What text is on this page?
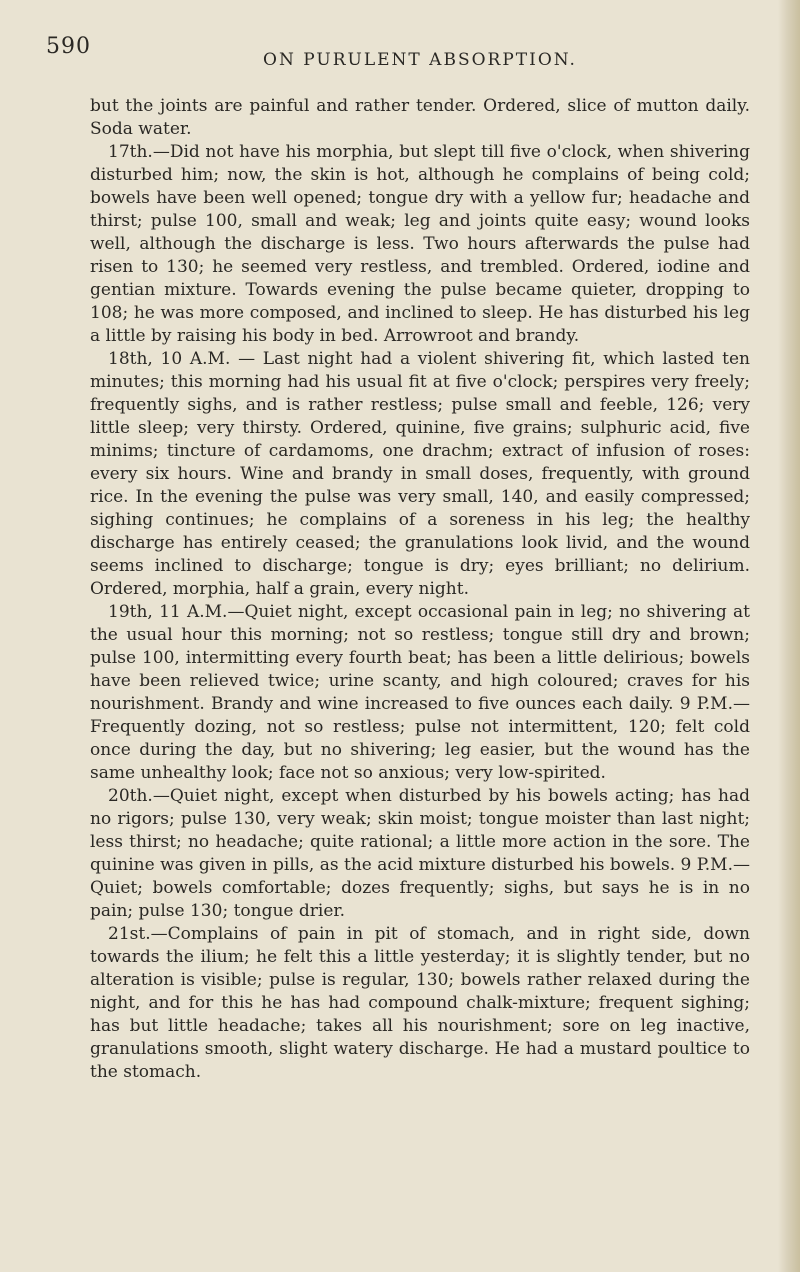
590
ON PURULENT ABSORPTION.

but the joints are painful and rather tender. Ordered, slice of mutton daily. Soda water.

17th.—Did not have his morphia, but slept till five o'clock, when shivering disturbed him; now, the skin is hot, although he complains of being cold; bowels have been well opened; tongue dry with a yellow fur; headache and thirst; pulse 100, small and weak; leg and joints quite easy; wound looks well, although the discharge is less. Two hours afterwards the pulse had risen to 130; he seemed very restless, and trembled. Ordered, iodine and gentian mixture. Towards evening the pulse became quieter, dropping to 108; he was more composed, and inclined to sleep. He has disturbed his leg a little by raising his body in bed. Arrowroot and brandy.

18th, 10 A.M. — Last night had a violent shivering fit, which lasted ten minutes; this morning had his usual fit at five o'clock; perspires very freely; frequently sighs, and is rather restless; pulse small and feeble, 126; very little sleep; very thirsty. Ordered, quinine, five grains; sulphuric acid, five minims; tincture of cardamoms, one drachm; extract of infusion of roses: every six hours. Wine and brandy in small doses, frequently, with ground rice. In the evening the pulse was very small, 140, and easily compressed; sighing continues; he complains of a soreness in his leg; the healthy discharge has entirely ceased; the granulations look livid, and the wound seems inclined to discharge; tongue is dry; eyes brilliant; no delirium. Ordered, morphia, half a grain, every night.

19th, 11 A.M.—Quiet night, except occasional pain in leg; no shivering at the usual hour this morning; not so restless; tongue still dry and brown; pulse 100, intermitting every fourth beat; has been a little delirious; bowels have been relieved twice; urine scanty, and high coloured; craves for his nourishment. Brandy and wine increased to five ounces each daily. 9 P.M.—Frequently dozing, not so restless; pulse not intermittent, 120; felt cold once during the day, but no shivering; leg easier, but the wound has the same unhealthy look; face not so anxious; very low-spirited.

20th.—Quiet night, except when disturbed by his bowels acting; has had no rigors; pulse 130, very weak; skin moist; tongue moister than last night; less thirst; no headache; quite rational; a little more action in the sore. The quinine was given in pills, as the acid mixture disturbed his bowels. 9 P.M.—Quiet; bowels comfortable; dozes frequently; sighs, but says he is in no pain; pulse 130; tongue drier.

21st.—Complains of pain in pit of stomach, and in right side, down towards the ilium; he felt this a little yesterday; it is slightly tender, but no alteration is visible; pulse is regular, 130; bowels rather relaxed during the night, and for this he has had compound chalk-mixture; frequent sighing; has but little headache; takes all his nourishment; sore on leg inactive, granulations smooth, slight watery discharge. He had a mustard poultice to the stomach.
